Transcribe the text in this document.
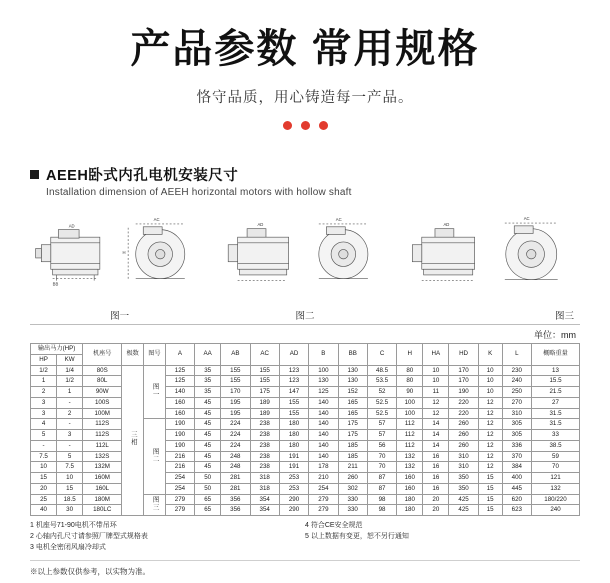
产品参数 常用规格
恪守品质，用心铸造每一产品。
AEEH卧式内孔电机安装尺寸
Installation dimension of AEEH horizontal motors with hollow shaft
AD
BB
AC
H
图一
AD
AC
图二
AD
AC
图三
单位：mm
输出马力(HP)		机座号	极数	图号	A	AA	AB	AC	AD	B	BB	C	H	HA	HD	K	L	概略重量
HP	KW																	
1/2	1/4	80S	三相	图一	125	35	155	155	123	100	130	48.5	80	10	170	10	230	13
1	1/2	80L			125	35	155	155	123	130	130	53.5	80	10	170	10	240	15.5
2	1	90W			140	35	170	175	147	125	152	52	90	11	190	10	250	21.5
3	-	100S			160	45	195	189	155	140	165	52.5	100	12	220	12	270	27
3	2	100M			160	45	195	189	155	140	165	52.5	100	12	220	12	310	31.5
4	-	112S		图二	190	45	224	238	180	140	175	57	112	14	260	12	305	31.5
5	3	112S			190	45	224	238	180	140	175	57	112	14	260	12	305	33
-	-	112L			190	45	224	238	180	140	185	56	112	14	260	12	336	38.5
7.5	5	132S			216	45	248	238	191	140	185	70	132	16	310	12	370	59
10	7.5	132M			216	45	248	238	191	178	211	70	132	16	310	12	384	70
15	10	160M			254	50	281	318	253	210	260	87	160	16	350	15	400	121
20	15	160L			254	50	281	318	253	254	302	87	160	16	350	15	445	132
25	18.5	180M		图三	279	65	356	354	290	279	330	98	180	20	425	15	620	180/220
40	30	180LC			279	65	356	354	290	279	330	98	180	20	425	15	623	240
1 机座号71-90电机不带吊环
2 心轴内孔尺寸请参照厂牌型式规格表
3 电机全密闭风扇冷却式
4 符合CE安全规范
5 以上数据有变更，恕不另行通知
※以上参数仅供参考，以实物为准。
